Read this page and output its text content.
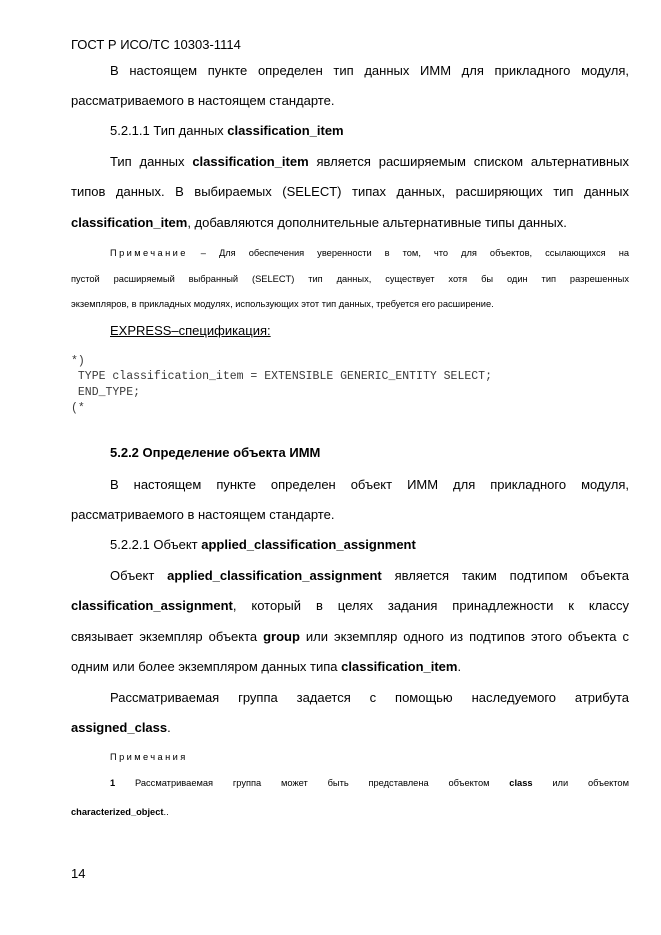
ГОСТ Р ИСО/ТС 10303-1114
В настоящем пункте определен тип данных ИММ для прикладного модуля,
рассматриваемого в настоящем стандарте.
5.2.1.1 Тип данных classification_item
Тип данных classification_item является расширяемым списком альтернативных
типов данных. В выбираемых (SELECT) типах данных, расширяющих тип данных
classification_item, добавляются дополнительные альтернативные типы данных.
Примечание – Для обеспечения уверенности в том, что для объектов, ссылающихся на
пустой расширяемый выбранный (SELECT) тип данных, существует хотя бы один тип разрешенных
экземпляров, в прикладных модулях, использующих этот тип данных, требуется его расширение.
EXPRESS–спецификация:
*)
TYPE classification_item = EXTENSIBLE GENERIC_ENTITY SELECT;
END_TYPE;
(*
5.2.2 Определение объекта ИММ
В настоящем пункте определен объект ИММ для прикладного модуля,
рассматриваемого в настоящем стандарте.
5.2.2.1 Объект applied_classification_assignment
Объект applied_classification_assignment является таким подтипом объекта
classification_assignment, который в целях задания принадлежности к классу
связывает экземпляр объекта group или экземпляр одного из подтипов этого объекта с
одним или более экземпляром данных типа classification_item.
Рассматриваемая группа задается с помощью наследуемого атрибута
assigned_class.
Примечания
1 Рассматриваемая группа может быть представлена объектом class или объектом
characterized_object..
14
